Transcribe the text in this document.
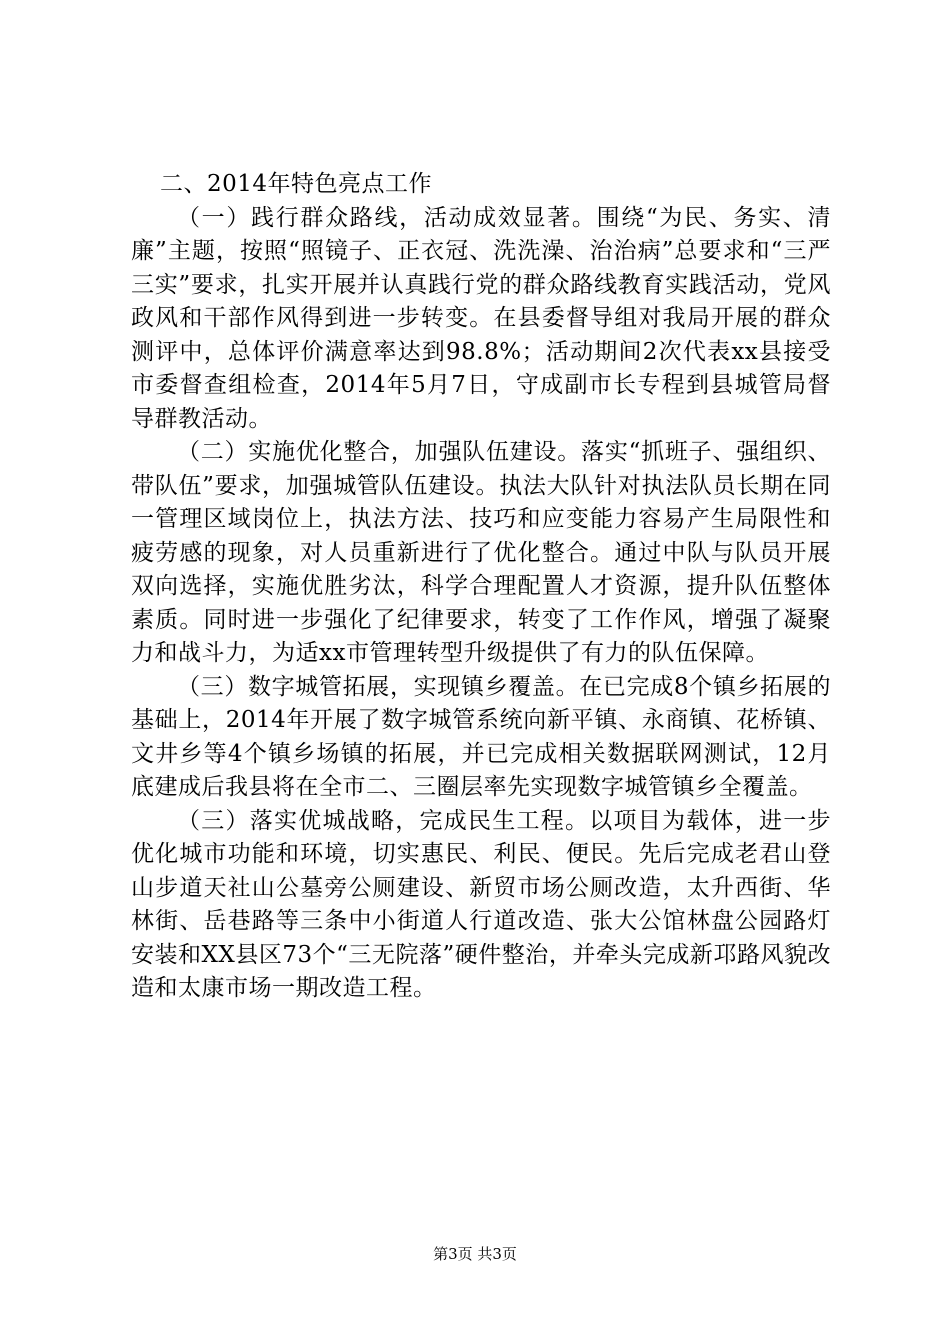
二、2014年特色亮点工作

（一）践行群众路线，活动成效显著。围绕“为民、务实、清廉”主题，按照“照镜子、正衣冠、洗洗澡、治治病”总要求和“三严三实”要求，扎实开展并认真践行党的群众路线教育实践活动，党风政风和干部作风得到进一步转变。在县委督导组对我局开展的群众测评中，总体评价满意率达到98.8%；活动期间2次代表xx县接受市委督查组检查，2014年5月7日，守成副市长专程到县城管局督导群教活动。

（二）实施优化整合，加强队伍建设。落实“抓班子、强组织、带队伍”要求，加强城管队伍建设。执法大队针对执法队员长期在同一管理区域岗位上，执法方法、技巧和应变能力容易产生局限性和疲劳感的现象，对人员重新进行了优化整合。通过中队与队员开展双向选择，实施优胜劣汰，科学合理配置人才资源，提升队伍整体素质。同时进一步强化了纪律要求，转变了工作作风，增强了凝聚力和战斗力，为适xx市管理转型升级提供了有力的队伍保障。

（三）数字城管拓展，实现镇乡覆盖。在已完成8个镇乡拓展的基础上，2014年开展了数字城管系统向新平镇、永商镇、花桥镇、文井乡等4个镇乡场镇的拓展，并已完成相关数据联网测试，12月底建成后我县将在全市二、三圈层率先实现数字城管镇乡全覆盖。

（三）落实优城战略，完成民生工程。以项目为载体，进一步优化城市功能和环境，切实惠民、利民、便民。先后完成老君山登山步道天社山公墓旁公厕建设、新贸市场公厕改造，太升西街、华林街、岳巷路等三条中小街道人行道改造、张大公馆林盘公园路灯安装和XX县区73个“三无院落”硬件整治，并牵头完成新邛路风貌改造和太康市场一期改造工程。

第3页 共3页
